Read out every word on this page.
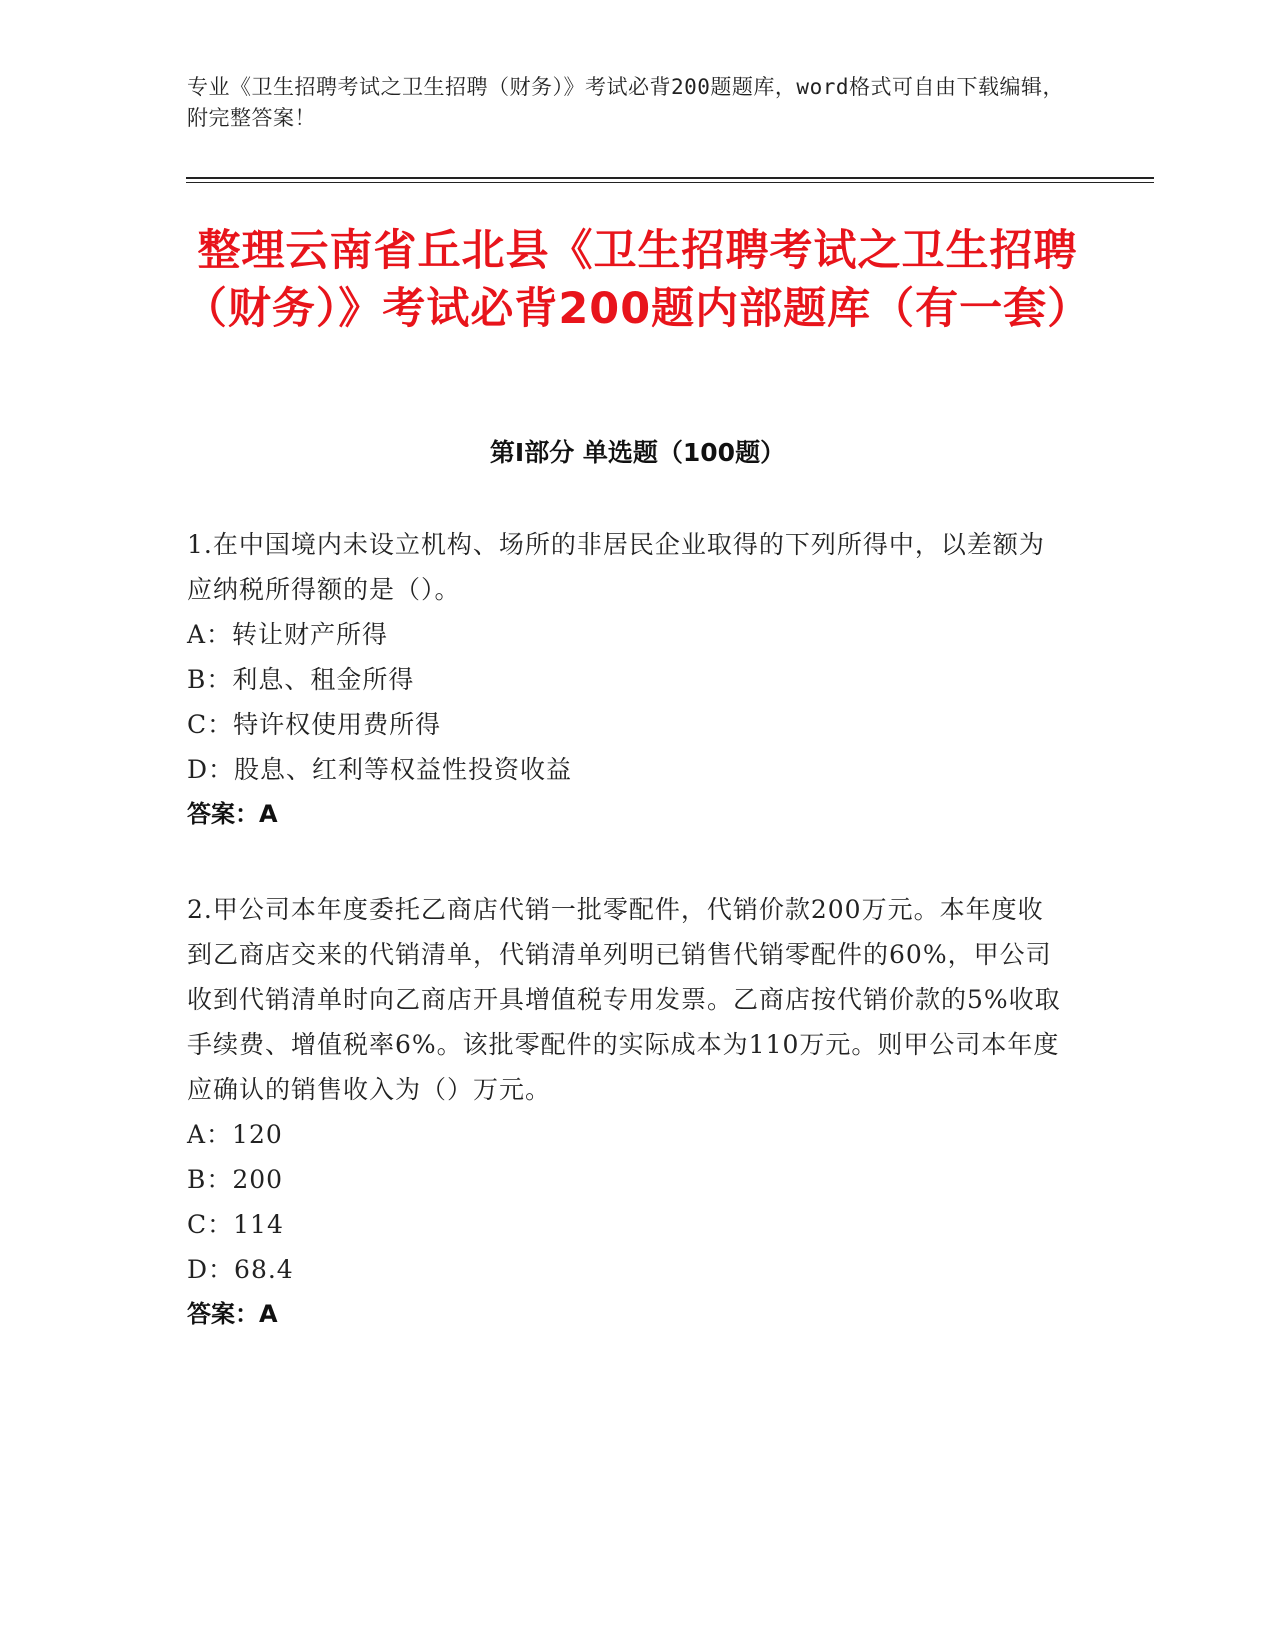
专业《卫生招聘考试之卫生招聘（财务）》考试必背200题题库，word格式可自由下载编辑，附完整答案！
整理云南省丘北县《卫生招聘考试之卫生招聘（财务）》考试必背200题内部题库（有一套）
第Ⅰ部分 单选题（100题）

1.在中国境内未设立机构、场所的非居民企业取得的下列所得中，以差额为应纳税所得额的是（）。

A：转让财产所得

B：利息、租金所得

C：特许权使用费所得

D：股息、红利等权益性投资收益

答案：A

2.甲公司本年度委托乙商店代销一批零配件，代销价款200万元。本年度收到乙商店交来的代销清单，代销清单列明已销售代销零配件的60%，甲公司收到代销清单时向乙商店开具增值税专用发票。乙商店按代销价款的5%收取手续费、增值税率6%。该批零配件的实际成本为110万元。则甲公司本年度应确认的销售收入为（）万元。

A：120

B：200

C：114

D：68.4

答案：A
